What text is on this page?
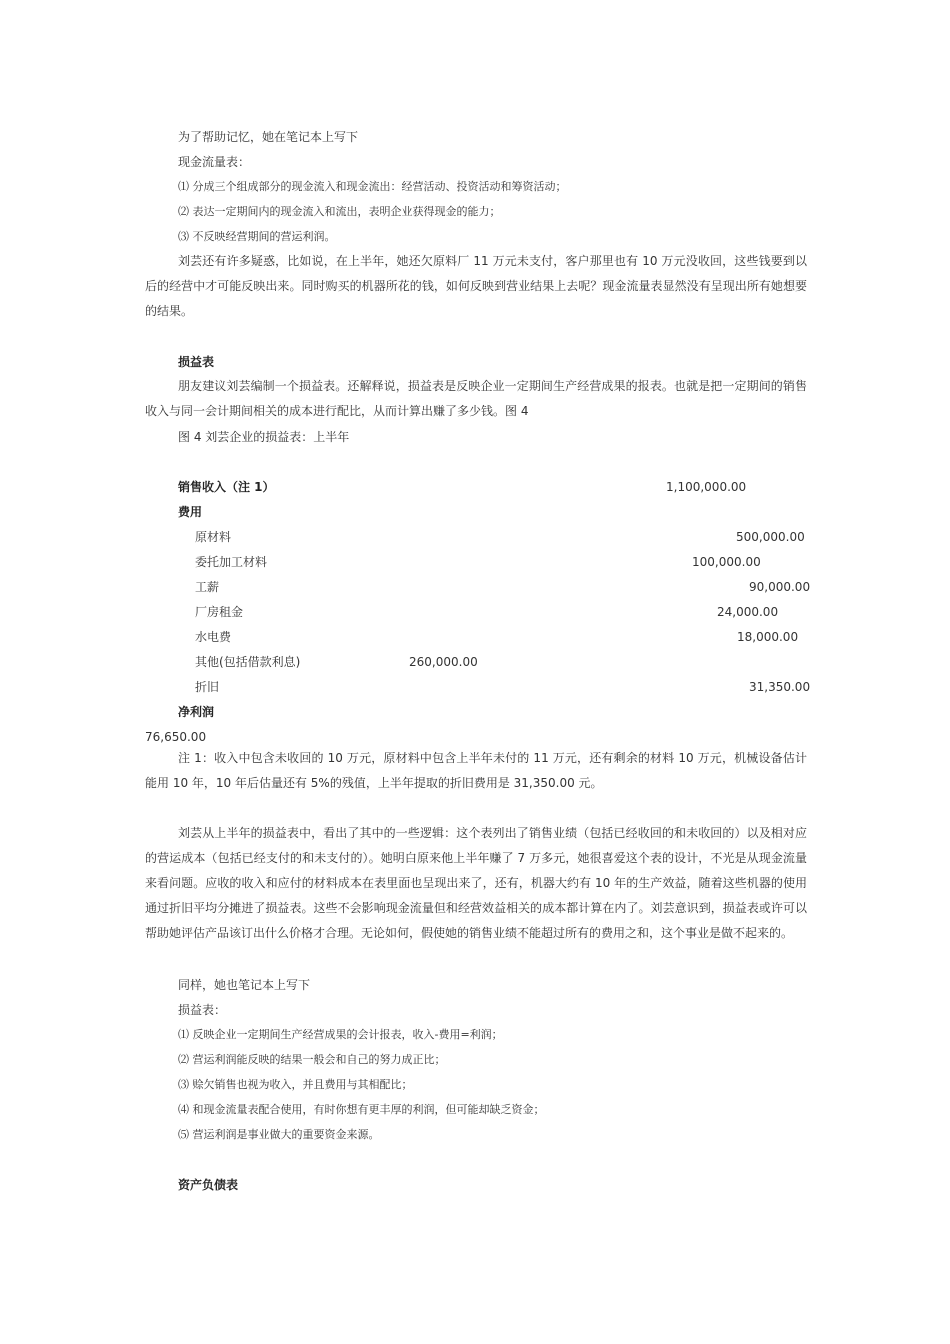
为了帮助记忆，她在笔记本上写下
现金流量表：
⑴ 分成三个组成部分的现金流入和现金流出：经营活动、投资活动和筹资活动；
⑵ 表达一定期间内的现金流入和流出，表明企业获得现金的能力；
⑶ 不反映经营期间的营运利润。
刘芸还有许多疑惑，比如说，在上半年，她还欠原料厂 11 万元未支付，客户那里也有 10 万元没收回，这些钱要到以后的经营中才可能反映出来。同时购买的机器所花的钱，如何反映到营业结果上去呢？现金流量表显然没有呈现出所有她想要的结果。
损益表
朋友建议刘芸编制一个损益表。还解释说，损益表是反映企业一定期间生产经营成果的报表。也就是把一定期间的销售收入与同一会计期间相关的成本进行配比，从而计算出赚了多少钱。图 4
图 4 刘芸企业的损益表：上半年
销售收入（注 1）	1,100,000.00
费用
原材料	500,000.00
委托加工材料	100,000.00
工薪	90,000.00
厂房租金	24,000.00
水电费	18,000.00
其他(包括借款利息)	260,000.00
折旧	31,350.00
净利润
76,650.00
注 1：收入中包含未收回的 10 万元，原材料中包含上半年未付的 11 万元，还有剩余的材料 10 万元，机械设备估计能用 10 年，10 年后估量还有 5%的残值，上半年提取的折旧费用是 31,350.00 元。
刘芸从上半年的损益表中，看出了其中的一些逻辑：这个表列出了销售业绩（包括已经收回的和未收回的）以及相对应的营运成本（包括已经支付的和未支付的）。她明白原来他上半年赚了 7 万多元，她很喜爱这个表的设计，不光是从现金流量来看问题。应收的收入和应付的材料成本在表里面也呈现出来了，还有，机器大约有 10 年的生产效益，随着这些机器的使用通过折旧平均分摊进了损益表。这些不会影响现金流量但和经营效益相关的成本都计算在内了。刘芸意识到，损益表或许可以帮助她评估产品该订出什么价格才合理。无论如何，假使她的销售业绩不能超过所有的费用之和，这个事业是做不起来的。
同样，她也笔记本上写下
损益表：
⑴ 反映企业一定期间生产经营成果的会计报表，收入-费用=利润；
⑵ 营运利润能反映的结果一般会和自己的努力成正比；
⑶ 赊欠销售也视为收入，并且费用与其相配比；
⑷ 和现金流量表配合使用，有时你想有更丰厚的利润，但可能却缺乏资金；
⑸ 营运利润是事业做大的重要资金来源。
资产负债表
